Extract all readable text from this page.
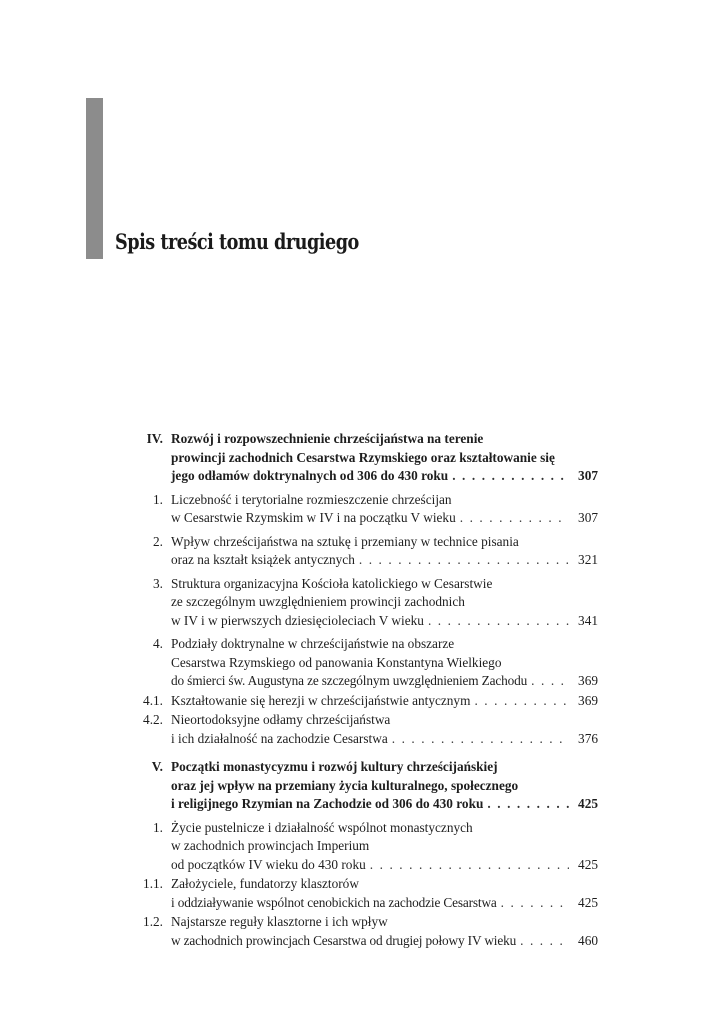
Spis treści tomu drugiego
IV. Rozwój i rozpowszechnienie chrześcijaństwa na terenie
prowincji zachodnich Cesarstwa Rzymskiego oraz kształtowanie się
jego odłamów doktrynalnych od 306 do 430 roku . . .	307
1. Liczebność i terytorialne rozmieszczenie chrześcijan
w Cesarstwie Rzymskim w IV i na początku V wieku . . .	307
2. Wpływ chrześcijaństwa na sztukę i przemiany w technice pisania
oraz na kształt książek antycznych . . .	321
3. Struktura organizacyjna Kościoła katolickiego w Cesarstwie
ze szczególnym uwzględnieniem prowincji zachodnich
w IV i w pierwszych dziesięcioleciach V wieku . . .	341
4. Podziały doktrynalne w chrześcijaństwie na obszarze
Cesarstwa Rzymskiego od panowania Konstantyna Wielkiego
do śmierci św. Augustyna ze szczególnym uwzględnieniem Zachodu . . .	369
4.1. Kształtowanie się herezji w chrześcijaństwie antycznym . . .	369
4.2. Nieortodoksyjne odłamy chrześcijaństwa
i ich działalność na zachodzie Cesarstwa . . .	376
V. Początki monastycyzmu i rozwój kultury chrześcijańskiej
oraz jej wpływ na przemiany życia kulturalnego, społecznego
i religijnego Rzymian na Zachodzie od 306 do 430 roku . . .	425
1. Życie pustelnicze i działalność wspólnot monastycznych
w zachodnich prowincjach Imperium
od początków IV wieku do 430 roku . . .	425
1.1. Założyciele, fundatorzy klasztorów
i oddziaływanie wspólnot cenobickich na zachodzie Cesarstwa . . .	425
1.2. Najstarsze reguły klasztorne i ich wpływ
w zachodnich prowincjach Cesarstwa od drugiej połowy IV wieku . . .	460
